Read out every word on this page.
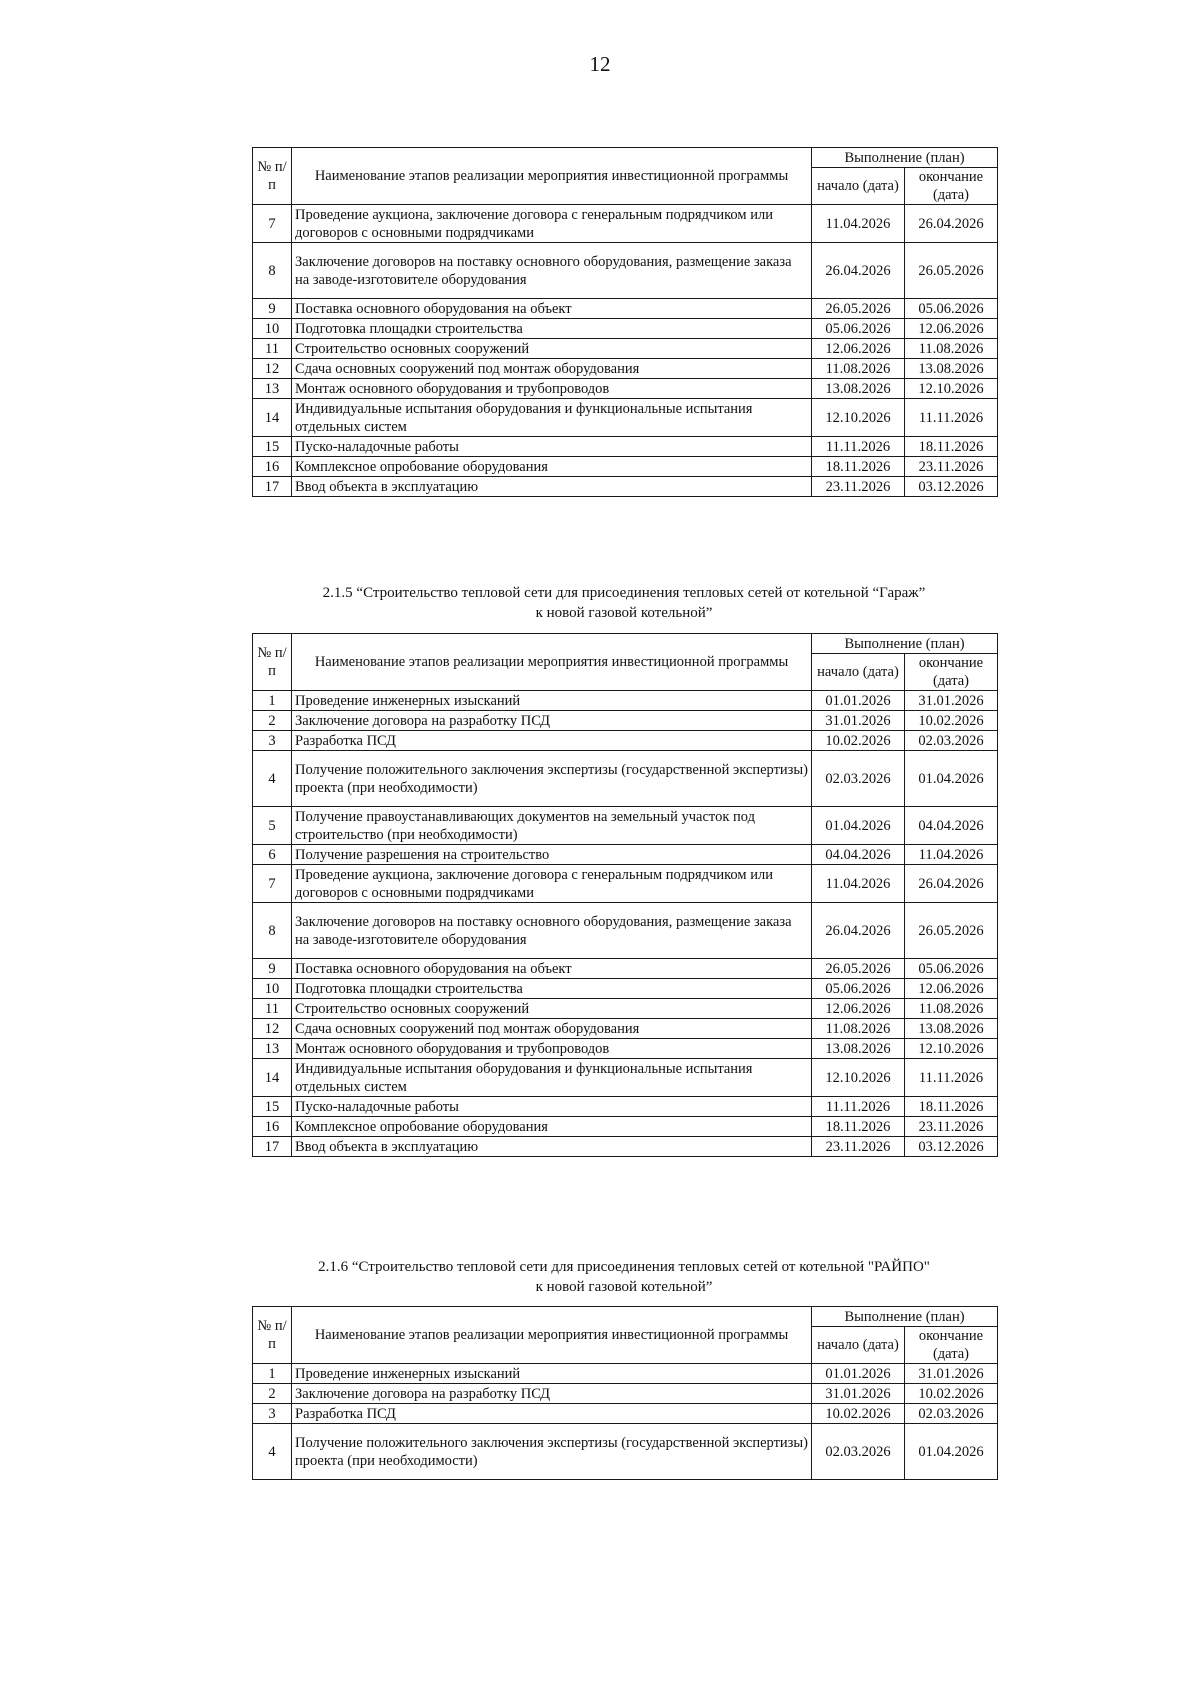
12
№ п/п	Наименование этапов реализации мероприятия инвестиционной программы	Выполнение (план)	
		начало (дата)	окончание (дата)
7	Проведение аукциона, заключение договора с генеральным подрядчиком или договоров с основными подрядчиками	11.04.2026	26.04.2026
8	Заключение договоров на поставку основного оборудования, размещение заказа на заводе-изготовителе оборудования	26.04.2026	26.05.2026
9	Поставка основного оборудования на объект	26.05.2026	05.06.2026
10	Подготовка площадки строительства	05.06.2026	12.06.2026
11	Строительство основных сооружений	12.06.2026	11.08.2026
12	Сдача основных сооружений под монтаж оборудования	11.08.2026	13.08.2026
13	Монтаж основного оборудования и трубопроводов	13.08.2026	12.10.2026
14	Индивидуальные испытания оборудования и функциональные испытания отдельных систем	12.10.2026	11.11.2026
15	Пуско-наладочные работы	11.11.2026	18.11.2026
16	Комплексное опробование оборудования	18.11.2026	23.11.2026
17	Ввод объекта в эксплуатацию	23.11.2026	03.12.2026
2.1.5 “Строительство тепловой сети для присоединения тепловых сетей от котельной “Гараж”
к новой газовой котельной”
№ п/п	Наименование этапов реализации мероприятия инвестиционной программы	Выполнение (план)	
		начало (дата)	окончание (дата)
1	Проведение инженерных изысканий	01.01.2026	31.01.2026
2	Заключение договора на разработку ПСД	31.01.2026	10.02.2026
3	Разработка ПСД	10.02.2026	02.03.2026
4	Получение положительного заключения экспертизы (государственной экспертизы) проекта (при необходимости)	02.03.2026	01.04.2026
5	Получение правоустанавливающих документов на земельный участок под строительство (при необходимости)	01.04.2026	04.04.2026
6	Получение разрешения на строительство	04.04.2026	11.04.2026
7	Проведение аукциона, заключение договора с генеральным подрядчиком или договоров с основными подрядчиками	11.04.2026	26.04.2026
8	Заключение договоров на поставку основного оборудования, размещение заказа на заводе-изготовителе оборудования	26.04.2026	26.05.2026
9	Поставка основного оборудования на объект	26.05.2026	05.06.2026
10	Подготовка площадки строительства	05.06.2026	12.06.2026
11	Строительство основных сооружений	12.06.2026	11.08.2026
12	Сдача основных сооружений под монтаж оборудования	11.08.2026	13.08.2026
13	Монтаж основного оборудования и трубопроводов	13.08.2026	12.10.2026
14	Индивидуальные испытания оборудования и функциональные испытания отдельных систем	12.10.2026	11.11.2026
15	Пуско-наладочные работы	11.11.2026	18.11.2026
16	Комплексное опробование оборудования	18.11.2026	23.11.2026
17	Ввод объекта в эксплуатацию	23.11.2026	03.12.2026
2.1.6 “Строительство тепловой сети для присоединения тепловых сетей от котельной "РАЙПО"
к новой газовой котельной”
№ п/п	Наименование этапов реализации мероприятия инвестиционной программы	Выполнение (план)	
		начало (дата)	окончание (дата)
1	Проведение инженерных изысканий	01.01.2026	31.01.2026
2	Заключение договора на разработку ПСД	31.01.2026	10.02.2026
3	Разработка ПСД	10.02.2026	02.03.2026
4	Получение положительного заключения экспертизы (государственной экспертизы) проекта (при необходимости)	02.03.2026	01.04.2026
